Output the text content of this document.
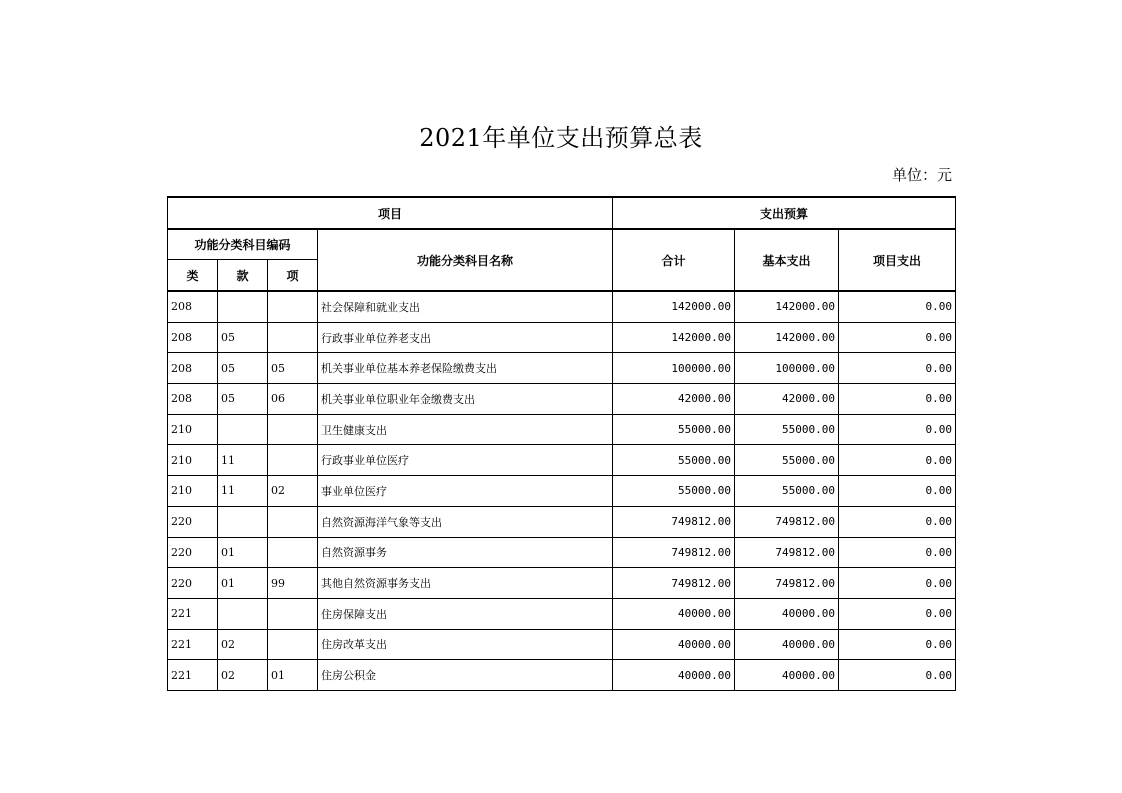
2021年单位支出预算总表
单位：元
项目				支出预算		
功能分类科目编码			功能分类科目名称	合计	基本支出	项目支出
类	款	项				
208			社会保障和就业支出	142000.00	142000.00	0.00
208	05		行政事业单位养老支出	142000.00	142000.00	0.00
208	05	05	机关事业单位基本养老保险缴费支出	100000.00	100000.00	0.00
208	05	06	机关事业单位职业年金缴费支出	42000.00	42000.00	0.00
210			卫生健康支出	55000.00	55000.00	0.00
210	11		行政事业单位医疗	55000.00	55000.00	0.00
210	11	02	事业单位医疗	55000.00	55000.00	0.00
220			自然资源海洋气象等支出	749812.00	749812.00	0.00
220	01		自然资源事务	749812.00	749812.00	0.00
220	01	99	其他自然资源事务支出	749812.00	749812.00	0.00
221			住房保障支出	40000.00	40000.00	0.00
221	02		住房改革支出	40000.00	40000.00	0.00
221	02	01	住房公积金	40000.00	40000.00	0.00
